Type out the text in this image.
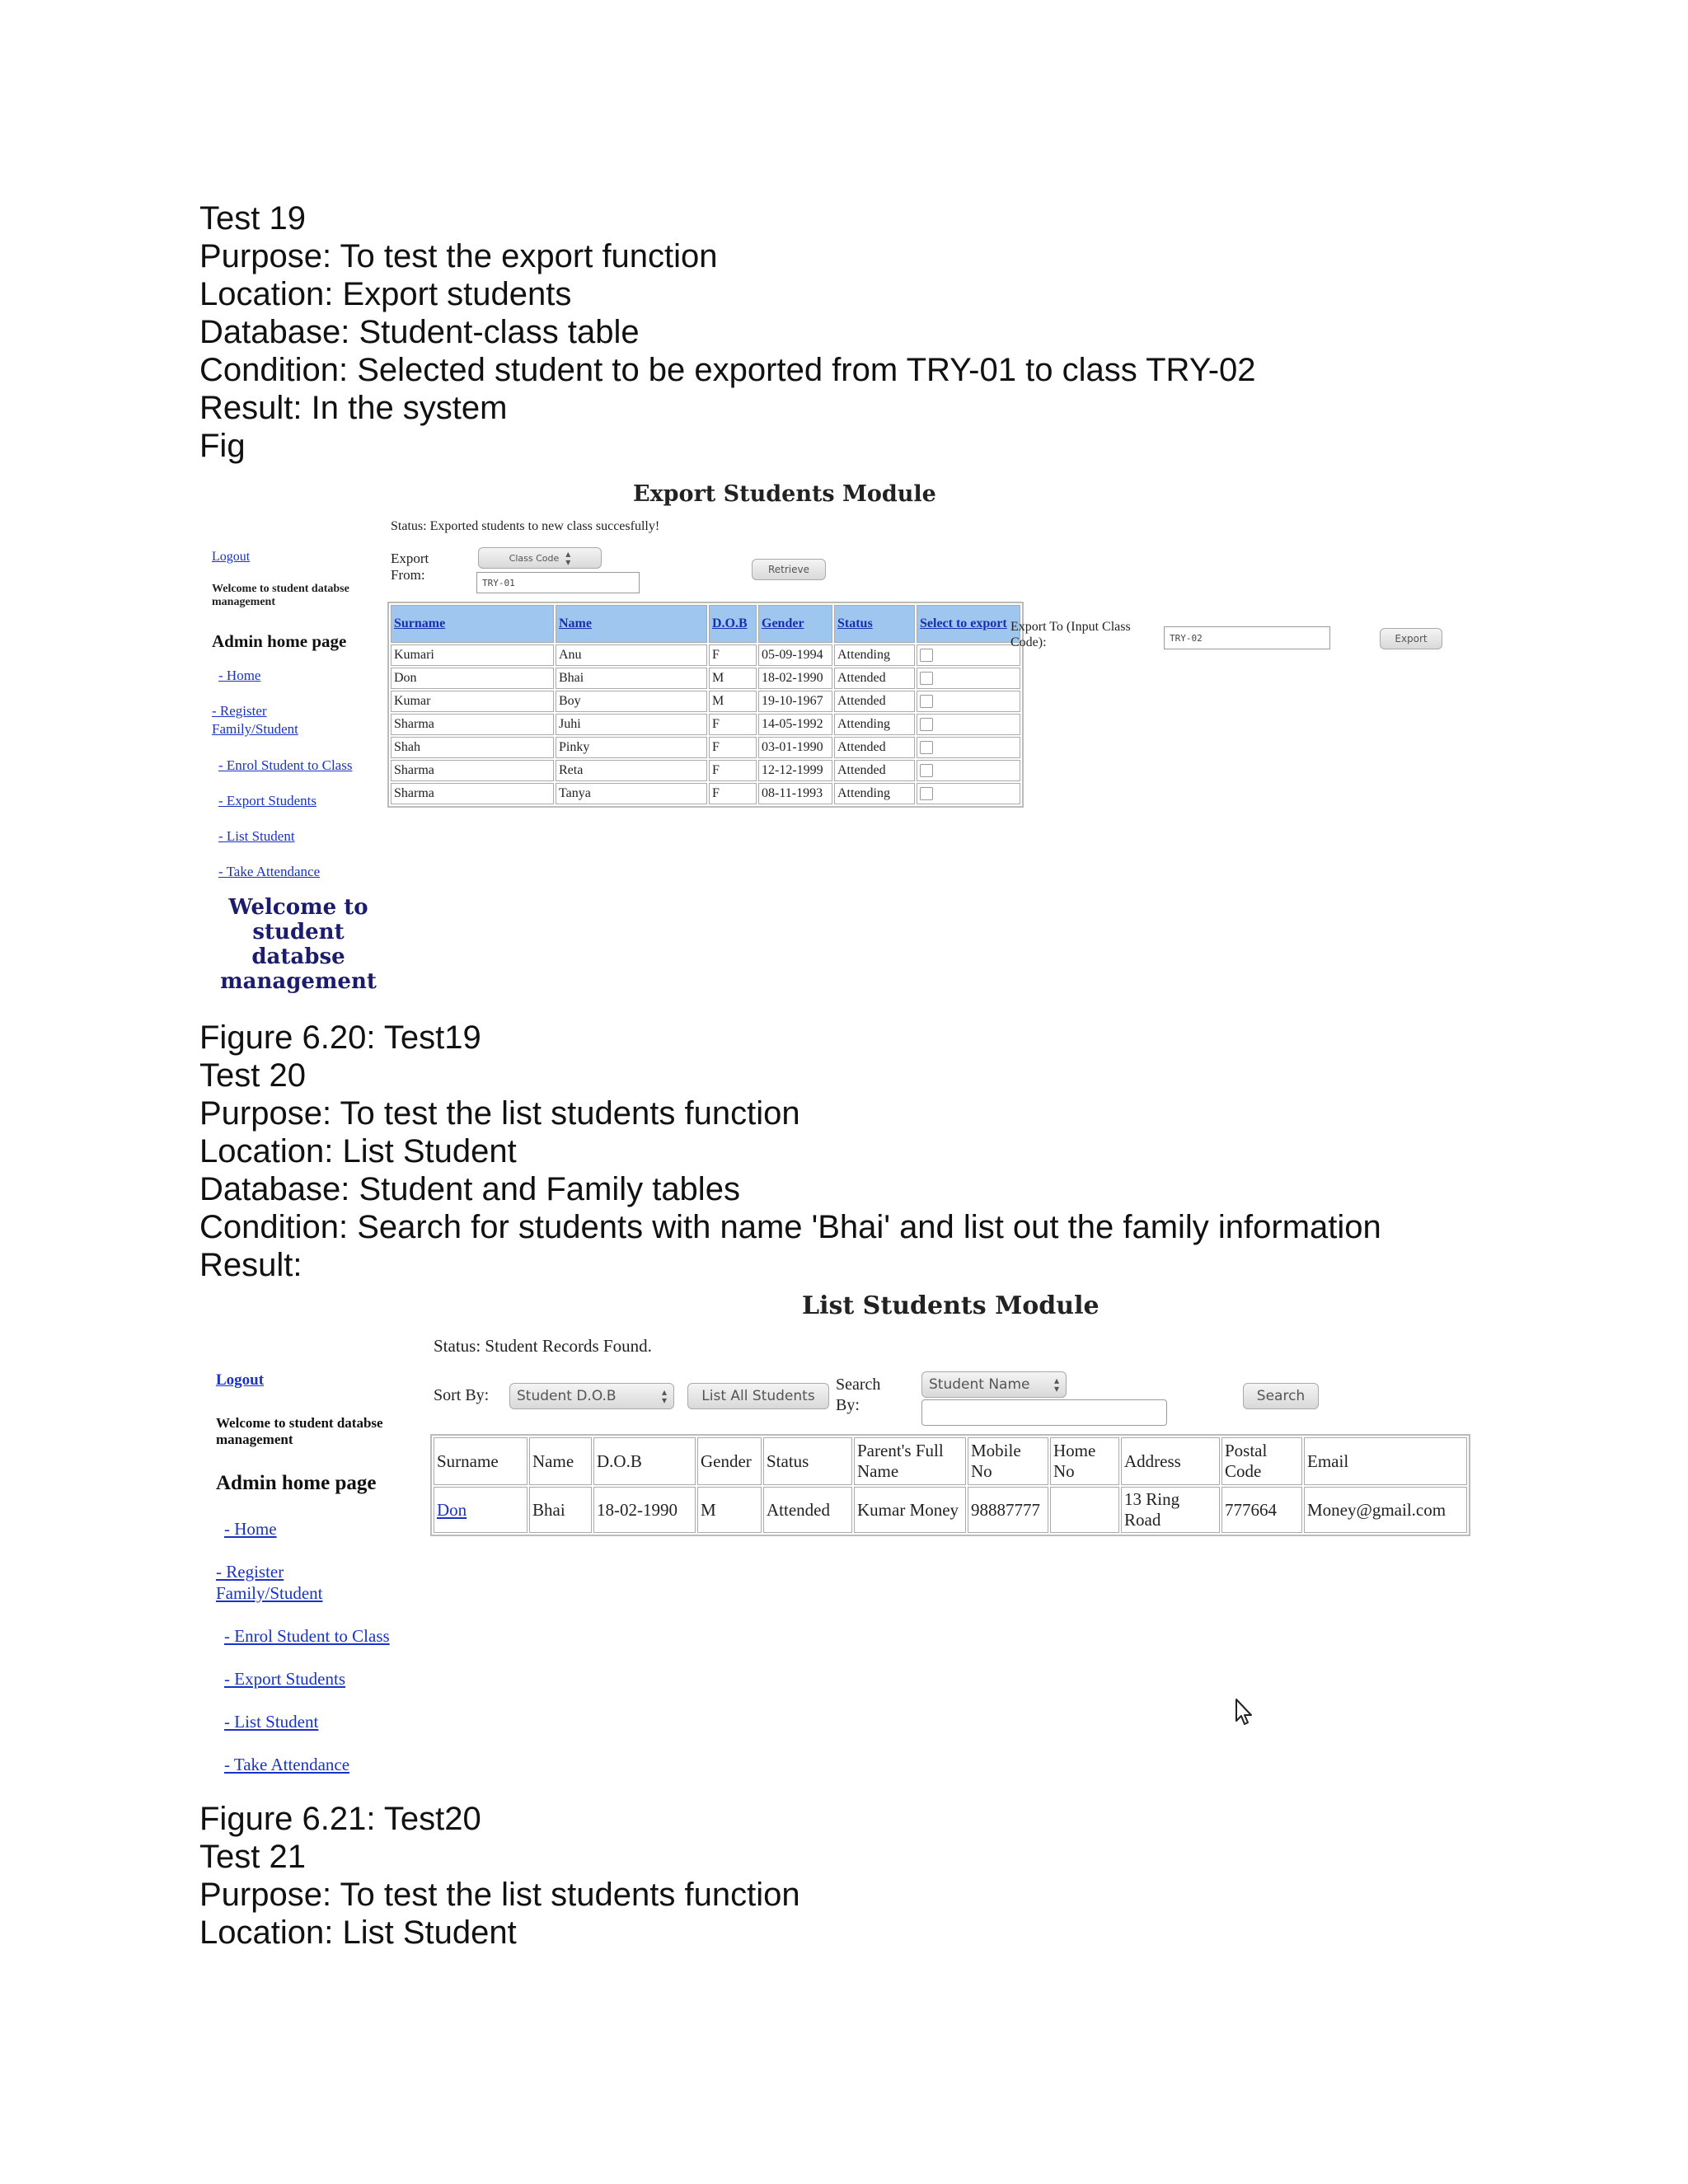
Test 19
Purpose: To test the export function
Location: Export students
Database: Student-class table
Condition: Selected student to be exported from TRY-01 to class TRY-02
Result: In the system
Fig
Export Students Module
Status: Exported students to new class succesfully!
Logout
Welcome to student databse management
Admin home page
- Home
- Register Family/Student
- Enrol Student to Class
- Export Students
- List Student
- Take Attendance
Welcome to student databse management
Export From:
Class Code ▴
▾
TRY-01
Retrieve
Surname	Name	D.O.B	Gender	Status	Select to export
Kumari	Anu	F	05-09-1994	Attending	
Don	Bhai	M	18-02-1990	Attended	
Kumar	Boy	M	19-10-1967	Attended	
Sharma	Juhi	F	14-05-1992	Attending	
Shah	Pinky	F	03-01-1990	Attended	
Sharma	Reta	F	12-12-1999	Attended	
Sharma	Tanya	F	08-11-1993	Attending	
Export To (Input Class Code):	TRY-02	Export
Figure 6.20: Test19
Test 20
Purpose: To test the list students function
Location: List Student
Database: Student and Family tables
Condition: Search for students with name 'Bhai' and list out the family information
Result:
List Students Module
Status: Student Records Found.
Logout
Welcome to student databse management
Admin home page
- Home
- Register Family/Student
- Enrol Student to Class
- Export Students
- List Student
- Take Attendance
Sort By: Student D.O.B	▴
▾	List All Students
Search By:
Student Name ▴
▾	Search
Surname	Name	D.O.B	Gender	Status	Parent's Full Name	Mobile No	Home No	Address	Postal Code	Email
Don	Bhai	18-02-1990	M	Attended	Kumar Money	98887777		13 Ring Road	777664	Money@gmail.com
Figure 6.21: Test20
Test 21
Purpose: To test the list students function
Location: List Student
